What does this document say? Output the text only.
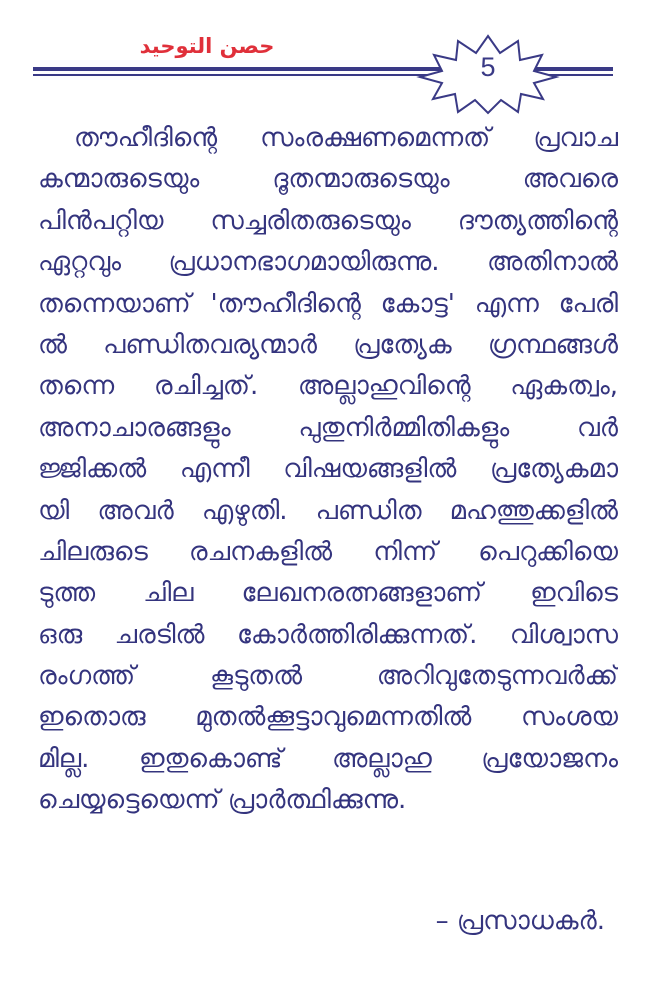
حصن التوحيد
5
തൗഹീദിന്റെ സംരക്ഷണമെന്നത് പ്രവാച
കന്മാരുടെയും ദൂതന്മാരുടെയും അവരെ
പിൻപറ്റിയ സച്ചരിതരുടെയും ദൗത്യത്തിന്റെ
ഏറ്റവും പ്രധാനഭാഗമായിരുന്നു. അതിനാൽ
തന്നെയാണ് 'തൗഹീദിന്റെ കോട്ട' എന്ന പേരി
ൽ പണ്ഡിതവര്യന്മാർ പ്രത്യേക ഗ്രന്ഥങ്ങൾ
തന്നെ രചിച്ചത്. അല്ലാഹുവിന്റെ ഏകത്വം,
അനാചാരങ്ങളും പുതുനിർമ്മിതികളും വർ
ജ്ജിക്കൽ എന്നീ വിഷയങ്ങളിൽ പ്രത്യേകമാ
യി അവർ എഴുതി. പണ്ഡിത മഹത്തുക്കളിൽ
ചിലരുടെ രചനകളിൽ നിന്ന് പെറുക്കിയെ
ടുത്ത ചില ലേഖനരത്നങ്ങളാണ് ഇവിടെ
ഒരു ചരടിൽ കോർത്തിരിക്കുന്നത്. വിശ്വാസ
രംഗത്ത് കൂടുതൽ അറിവുതേടുന്നവർക്ക്
ഇതൊരു മുതൽക്കൂട്ടാവുമെന്നതിൽ സംശയ
മില്ല. ഇതുകൊണ്ട് അല്ലാഹു പ്രയോജനം
ചെയ്യട്ടെയെന്ന് പ്രാർത്ഥിക്കുന്നു.
– പ്രസാധകർ.
